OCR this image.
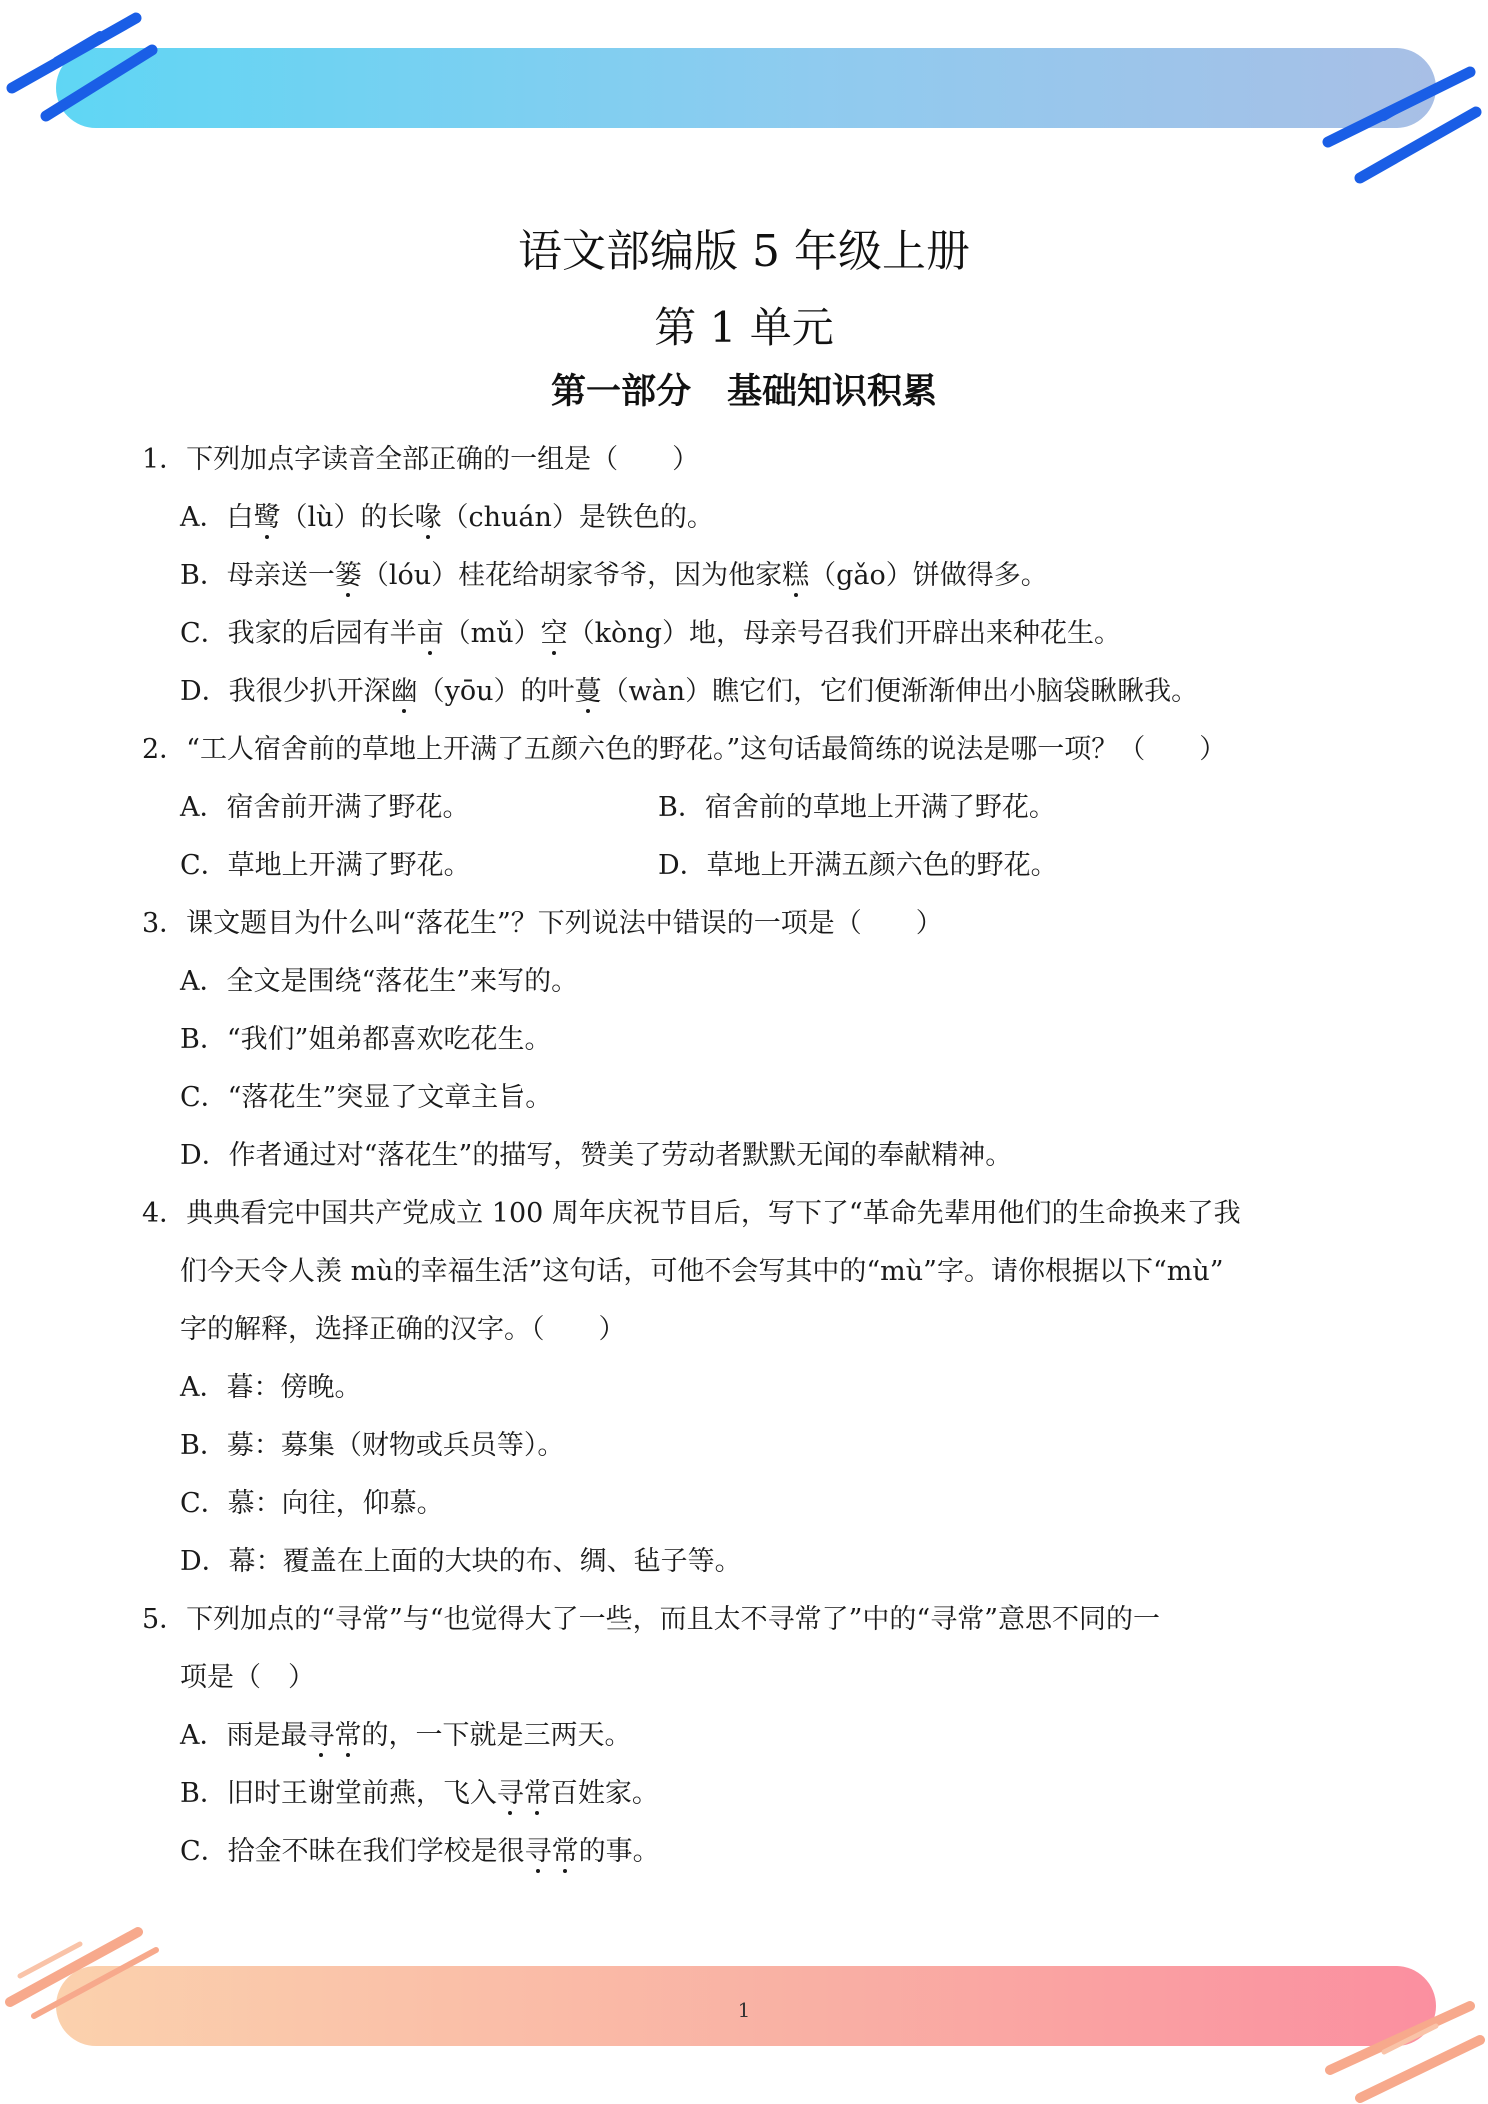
语文部编版 5 年级上册
第 1 单元
第一部分 基础知识积累
1．下列加点字读音全部正确的一组是（　　）
A．白鹭（lù）的长喙（chuán）是铁色的。
B．母亲送一篓（lóu）桂花给胡家爷爷，因为他家糕（gǎo）饼做得多。
C．我家的后园有半亩（mǔ）空（kòng）地，母亲号召我们开辟出来种花生。
D．我很少扒开深幽（yōu）的叶蔓（wàn）瞧它们，它们便渐渐伸出小脑袋瞅瞅我。
2．“工人宿舍前的草地上开满了五颜六色的野花。”这句话最简练的说法是哪一项？（　　）
A．宿舍前开满了野花。	B．宿舍前的草地上开满了野花。
C．草地上开满了野花。	D．草地上开满五颜六色的野花。
3．课文题目为什么叫“落花生”？下列说法中错误的一项是（　　）
A．全文是围绕“落花生”来写的。
B．“我们”姐弟都喜欢吃花生。
C．“落花生”突显了文章主旨。
D．作者通过对“落花生”的描写，赞美了劳动者默默无闻的奉献精神。
4．典典看完中国共产党成立 100 周年庆祝节目后，写下了“革命先辈用他们的生命换来了我
们今天令人羡 mù的幸福生活”这句话，可他不会写其中的“mù”字。请你根据以下“mù”
字的解释，选择正确的汉字。（　　）
A．暮：傍晚。
B．募：募集（财物或兵员等）。
C．慕：向往，仰慕。
D．幕：覆盖在上面的大块的布、绸、毡子等。
5．下列加点的“寻常”与“也觉得大了一些，而且太不寻常了”中的“寻常”意思不同的一
项是（　）
A．雨是最寻常的，一下就是三两天。
B．旧时王谢堂前燕，飞入寻常百姓家。
C．拾金不昧在我们学校是很寻常的事。
1
